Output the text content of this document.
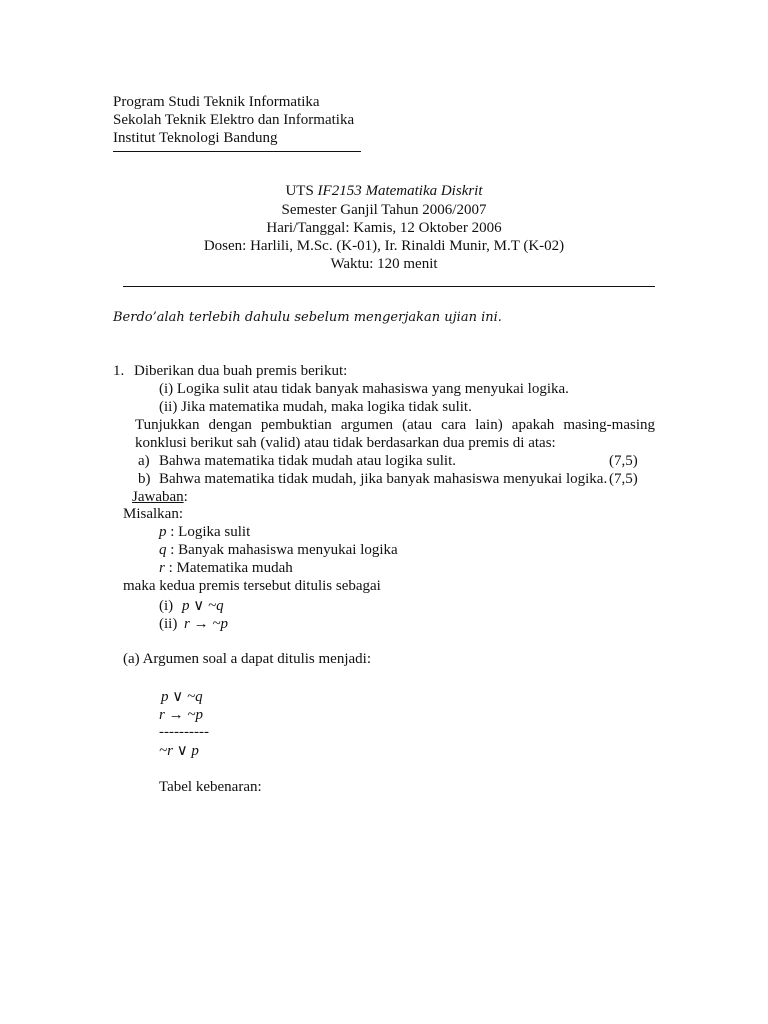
Program Studi Teknik Informatika
Sekolah Teknik Elektro dan Informatika
Institut Teknologi Bandung
UTS IF2153 Matematika Diskrit
Semester Ganjil Tahun 2006/2007
Hari/Tanggal: Kamis, 12 Oktober 2006
Dosen: Harlili, M.Sc. (K-01), Ir. Rinaldi Munir, M.T (K-02)
Waktu: 120 menit
Berdo’alah terlebih dahulu sebelum mengerjakan ujian ini.
1. Diberikan dua buah premis berikut:
(i) Logika sulit atau tidak banyak mahasiswa yang menyukai logika.
(ii) Jika matematika mudah, maka logika tidak sulit.
Tunjukkan dengan pembuktian argumen (atau cara lain) apakah masing-masing
konklusi berikut sah (valid) atau tidak berdasarkan dua premis di atas:
a) Bahwa matematika tidak mudah atau logika sulit.	(7,5)
b) Bahwa matematika tidak mudah, jika banyak mahasiswa menyukai logika. (7,5)
Jawaban:
Misalkan:
p : Logika sulit
q : Banyak mahasiswa menyukai logika
r : Matematika mudah
maka kedua premis tersebut ditulis sebagai
(i) p ∨ ~q
(ii) r → ~p
(a) Argumen soal a dapat ditulis menjadi:
p ∨ ~q
r → ~p
----------
~r ∨ p
Tabel kebenaran:
